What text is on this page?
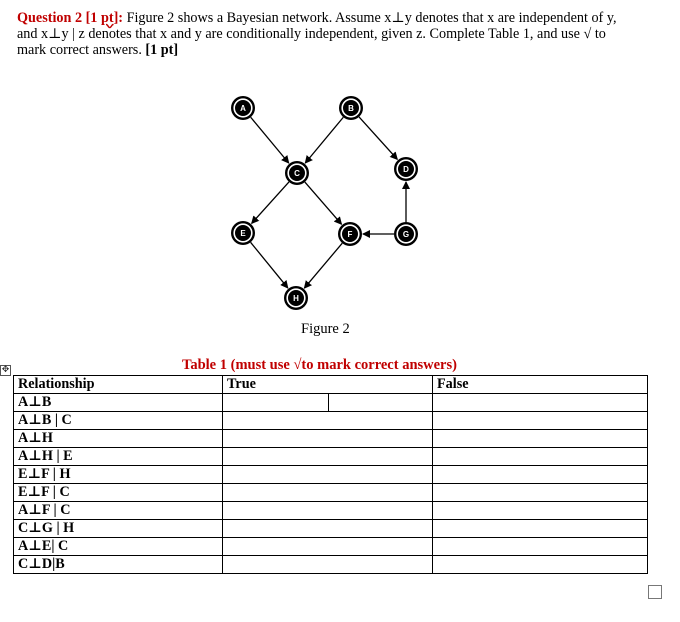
Question 2 [1 pt]: Figure 2 shows a Bayesian network. Assume x⊥y denotes that x are independent of y, and x⊥y | z denotes that x and y are conditionally independent, given z. Complete Table 1, and use √ to mark correct answers. [1 pt]
A	B
C	D
E	F	G
H
Figure 2
Table 1 (must use √to mark correct answers)
✥
Relationship	True		False
A⊥B			
A⊥B | C			
A⊥H			
A⊥H | E			
E⊥F | H			
E⊥F | C			
A⊥F | C			
C⊥G | H			
A⊥E| C			
C⊥D|B			
